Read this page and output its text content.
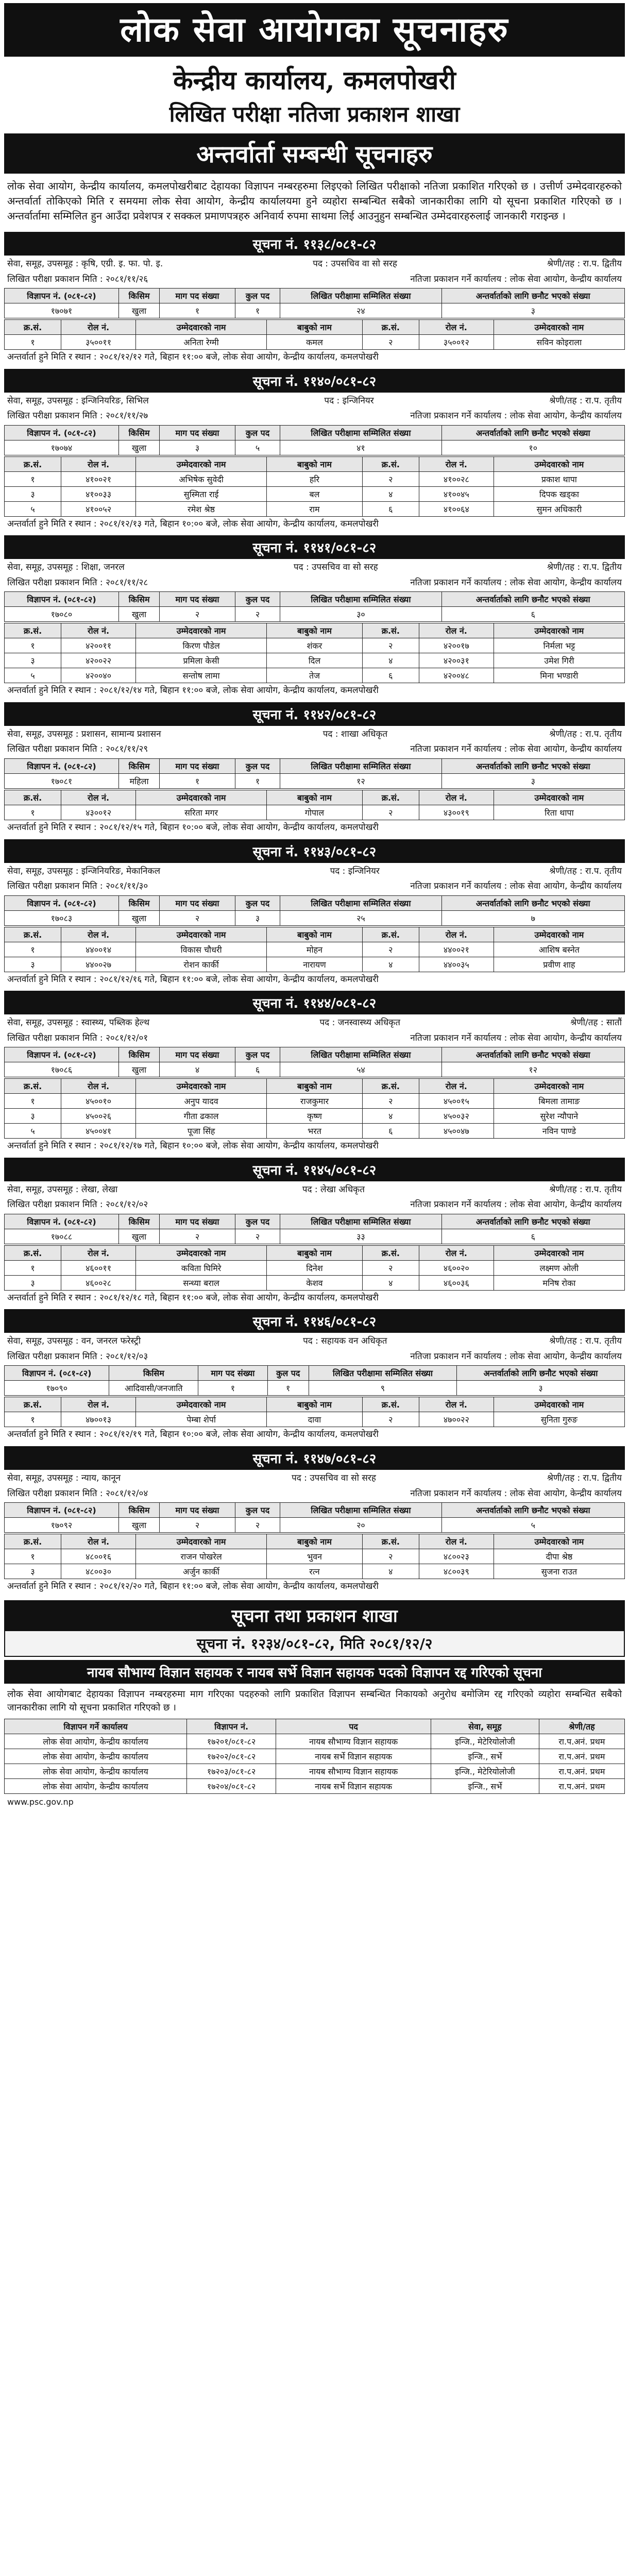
लोक सेवा आयोगका सूचनाहरु
केन्द्रीय कार्यालय, कमलपोखरी
लिखित परीक्षा नतिजा प्रकाशन शाखा
अन्तर्वार्ता सम्बन्धी सूचनाहरु
लोक सेवा आयोग, केन्द्रीय कार्यालय, कमलपोखरीबाट देहायका विज्ञापन नम्बरहरुमा लिइएको लिखित परीक्षाको नतिजा प्रकाशित गरिएको छ । उत्तीर्ण उम्मेदवारहरुको अन्तर्वार्ता तोकिएको मिति र समयमा लोक सेवा आयोग, केन्द्रीय कार्यालयमा हुने व्यहोरा सम्बन्धित सबैको जानकारीका लागि यो सूचना प्रकाशित गरिएको छ । अन्तर्वार्तामा सम्मिलित हुन आउँदा प्रवेशपत्र र सक्कल प्रमाणपत्रहरु अनिवार्य रुपमा साथमा लिई आउनुहुन सम्बन्धित उम्मेदवारहरुलाई जानकारी गराइन्छ ।
सूचना नं. ११३८/०८१-८२
सेवा, समूह, उपसमूह : कृषि, एग्री. इ. फा. पो. इ.	पद : उपसचिव वा सो सरह	श्रेणी/तह : रा.प. द्वितीय
लिखित परीक्षा प्रकाशन मिति : २०८१/११/२६	नतिजा प्रकाशन गर्ने कार्यालय : लोक सेवा आयोग, केन्द्रीय कार्यालय
विज्ञापन नं. (०८१-८२)	किसिम	माग पद संख्या	कुल पद	लिखित परीक्षामा सम्मिलित संख्या	अन्तर्वार्ताको लागि छनौट भएको संख्या
१७०७१	खुला	१	१	२४	३
क्र.सं.	रोल नं.	उम्मेदवारको नाम	बाबुको नाम	क्र.सं.	रोल नं.	उम्मेदवारको नाम
१	३५००११	अनिता रेग्मी	कमल	२	३५००१२	सविन कोइराला
अन्तर्वार्ता हुने मिति र स्थान : २०८१/१२/१२ गते, बिहान ११:०० बजे, लोक सेवा आयोग, केन्द्रीय कार्यालय, कमलपोखरी
सूचना नं. ११४०/०८१-८२
सेवा, समूह, उपसमूह : इन्जिनियरिङ, सिभिल	पद : इन्जिनियर	श्रेणी/तह : रा.प. तृतीय
लिखित परीक्षा प्रकाशन मिति : २०८१/११/२७	नतिजा प्रकाशन गर्ने कार्यालय : लोक सेवा आयोग, केन्द्रीय कार्यालय
विज्ञापन नं. (०८१-८२)	किसिम	माग पद संख्या	कुल पद	लिखित परीक्षामा सम्मिलित संख्या	अन्तर्वार्ताको लागि छनौट भएको संख्या
१७०७४	खुला	३	५	४१	१०
क्र.सं.	रोल नं.	उम्मेदवारको नाम	बाबुको नाम	क्र.सं.	रोल नं.	उम्मेदवारको नाम
१	४१००२१	अभिषेक सुवेदी	हरि	२	४१००२८	प्रकाश थापा
३	४१००३३	सुस्मिता राई	बल	४	४१००४५	दिपक खड्का
५	४१००५२	रमेश श्रेष्ठ	राम	६	४१००६४	सुमन अधिकारी
अन्तर्वार्ता हुने मिति र स्थान : २०८१/१२/१३ गते, बिहान १०:०० बजे, लोक सेवा आयोग, केन्द्रीय कार्यालय, कमलपोखरी
सूचना नं. ११४१/०८१-८२
सेवा, समूह, उपसमूह : शिक्षा, जनरल	पद : उपसचिव वा सो सरह	श्रेणी/तह : रा.प. द्वितीय
लिखित परीक्षा प्रकाशन मिति : २०८१/११/२८	नतिजा प्रकाशन गर्ने कार्यालय : लोक सेवा आयोग, केन्द्रीय कार्यालय
विज्ञापन नं. (०८१-८२)	किसिम	माग पद संख्या	कुल पद	लिखित परीक्षामा सम्मिलित संख्या	अन्तर्वार्ताको लागि छनौट भएको संख्या
१७०८०	खुला	२	२	३०	६
क्र.सं.	रोल नं.	उम्मेदवारको नाम	बाबुको नाम	क्र.सं.	रोल नं.	उम्मेदवारको नाम
१	४२००११	किरण पौडेल	शंकर	२	४२००१७	निर्मला भट्ट
३	४२००२२	प्रमिला केसी	दिल	४	४२००३१	उमेश गिरी
५	४२००४०	सन्तोष लामा	तेज	६	४२००४८	मिना भण्डारी
अन्तर्वार्ता हुने मिति र स्थान : २०८१/१२/१४ गते, बिहान ११:०० बजे, लोक सेवा आयोग, केन्द्रीय कार्यालय, कमलपोखरी
सूचना नं. ११४२/०८१-८२
सेवा, समूह, उपसमूह : प्रशासन, सामान्य प्रशासन	पद : शाखा अधिकृत	श्रेणी/तह : रा.प. तृतीय
लिखित परीक्षा प्रकाशन मिति : २०८१/११/२९	नतिजा प्रकाशन गर्ने कार्यालय : लोक सेवा आयोग, केन्द्रीय कार्यालय
विज्ञापन नं. (०८१-८२)	किसिम	माग पद संख्या	कुल पद	लिखित परीक्षामा सम्मिलित संख्या	अन्तर्वार्ताको लागि छनौट भएको संख्या
१७०८१	महिला	१	१	१२	३
क्र.सं.	रोल नं.	उम्मेदवारको नाम	बाबुको नाम	क्र.सं.	रोल नं.	उम्मेदवारको नाम
१	४३००१२	सरिता मगर	गोपाल	२	४३००१९	रिता थापा
अन्तर्वार्ता हुने मिति र स्थान : २०८१/१२/१५ गते, बिहान १०:०० बजे, लोक सेवा आयोग, केन्द्रीय कार्यालय, कमलपोखरी
सूचना नं. ११४३/०८१-८२
सेवा, समूह, उपसमूह : इन्जिनियरिङ, मेकानिकल	पद : इन्जिनियर	श्रेणी/तह : रा.प. तृतीय
लिखित परीक्षा प्रकाशन मिति : २०८१/११/३०	नतिजा प्रकाशन गर्ने कार्यालय : लोक सेवा आयोग, केन्द्रीय कार्यालय
विज्ञापन नं. (०८१-८२)	किसिम	माग पद संख्या	कुल पद	लिखित परीक्षामा सम्मिलित संख्या	अन्तर्वार्ताको लागि छनौट भएको संख्या
१७०८३	खुला	२	३	२५	७
क्र.सं.	रोल नं.	उम्मेदवारको नाम	बाबुको नाम	क्र.सं.	रोल नं.	उम्मेदवारको नाम
१	४४००१४	विकास चौधरी	मोहन	२	४४००२१	आशिष बस्नेत
३	४४००२७	रोशन कार्की	नारायण	४	४४००३५	प्रवीण शाह
अन्तर्वार्ता हुने मिति र स्थान : २०८१/१२/१६ गते, बिहान ११:०० बजे, लोक सेवा आयोग, केन्द्रीय कार्यालय, कमलपोखरी
सूचना नं. ११४४/०८१-८२
सेवा, समूह, उपसमूह : स्वास्थ्य, पब्लिक हेल्थ	पद : जनस्वास्थ्य अधिकृत	श्रेणी/तह : सातौं
लिखित परीक्षा प्रकाशन मिति : २०८१/१२/०१	नतिजा प्रकाशन गर्ने कार्यालय : लोक सेवा आयोग, केन्द्रीय कार्यालय
विज्ञापन नं. (०८१-८२)	किसिम	माग पद संख्या	कुल पद	लिखित परीक्षामा सम्मिलित संख्या	अन्तर्वार्ताको लागि छनौट भएको संख्या
१७०८६	खुला	४	६	५४	१२
क्र.सं.	रोल नं.	उम्मेदवारको नाम	बाबुको नाम	क्र.सं.	रोल नं.	उम्मेदवारको नाम
१	४५००१०	अनुप यादव	राजकुमार	२	४५००१५	बिमला तामाङ
३	४५००२६	गीता ढकाल	कृष्ण	४	४५००३२	सुरेश न्यौपाने
५	४५००४१	पूजा सिंह	भरत	६	४५००४७	नविन पाण्डे
अन्तर्वार्ता हुने मिति र स्थान : २०८१/१२/१७ गते, बिहान १०:०० बजे, लोक सेवा आयोग, केन्द्रीय कार्यालय, कमलपोखरी
सूचना नं. ११४५/०८१-८२
सेवा, समूह, उपसमूह : लेखा, लेखा	पद : लेखा अधिकृत	श्रेणी/तह : रा.प. तृतीय
लिखित परीक्षा प्रकाशन मिति : २०८१/१२/०२	नतिजा प्रकाशन गर्ने कार्यालय : लोक सेवा आयोग, केन्द्रीय कार्यालय
विज्ञापन नं. (०८१-८२)	किसिम	माग पद संख्या	कुल पद	लिखित परीक्षामा सम्मिलित संख्या	अन्तर्वार्ताको लागि छनौट भएको संख्या
१७०८८	खुला	२	२	३३	६
क्र.सं.	रोल नं.	उम्मेदवारको नाम	बाबुको नाम	क्र.सं.	रोल नं.	उम्मेदवारको नाम
१	४६००११	कविता घिमिरे	दिनेश	२	४६००२०	लक्ष्मण ओली
३	४६००२८	सन्ध्या बराल	केशव	४	४६००३६	मनिष रोका
अन्तर्वार्ता हुने मिति र स्थान : २०८१/१२/१८ गते, बिहान ११:०० बजे, लोक सेवा आयोग, केन्द्रीय कार्यालय, कमलपोखरी
सूचना नं. ११४६/०८१-८२
सेवा, समूह, उपसमूह : वन, जनरल फरेस्ट्री	पद : सहायक वन अधिकृत	श्रेणी/तह : रा.प. तृतीय
लिखित परीक्षा प्रकाशन मिति : २०८१/१२/०३	नतिजा प्रकाशन गर्ने कार्यालय : लोक सेवा आयोग, केन्द्रीय कार्यालय
विज्ञापन नं. (०८१-८२)	किसिम	माग पद संख्या	कुल पद	लिखित परीक्षामा सम्मिलित संख्या	अन्तर्वार्ताको लागि छनौट भएको संख्या
१७०९०	आदिवासी/जनजाति	१	१	९	३
क्र.सं.	रोल नं.	उम्मेदवारको नाम	बाबुको नाम	क्र.सं.	रोल नं.	उम्मेदवारको नाम
१	४७००१३	पेम्बा शेर्पा	दावा	२	४७००२२	सुनिता गुरुङ
अन्तर्वार्ता हुने मिति र स्थान : २०८१/१२/१९ गते, बिहान १०:०० बजे, लोक सेवा आयोग, केन्द्रीय कार्यालय, कमलपोखरी
सूचना नं. ११४७/०८१-८२
सेवा, समूह, उपसमूह : न्याय, कानून	पद : उपसचिव वा सो सरह	श्रेणी/तह : रा.प. द्वितीय
लिखित परीक्षा प्रकाशन मिति : २०८१/१२/०४	नतिजा प्रकाशन गर्ने कार्यालय : लोक सेवा आयोग, केन्द्रीय कार्यालय
विज्ञापन नं. (०८१-८२)	किसिम	माग पद संख्या	कुल पद	लिखित परीक्षामा सम्मिलित संख्या	अन्तर्वार्ताको लागि छनौट भएको संख्या
१७०९२	खुला	२	२	२०	५
क्र.सं.	रोल नं.	उम्मेदवारको नाम	बाबुको नाम	क्र.सं.	रोल नं.	उम्मेदवारको नाम
१	४८००१६	राजन पोखरेल	भुवन	२	४८००२३	दीपा श्रेष्ठ
३	४८००३०	अर्जुन कार्की	रत्न	४	४८००३९	सुजना राउत
अन्तर्वार्ता हुने मिति र स्थान : २०८१/१२/२० गते, बिहान ११:०० बजे, लोक सेवा आयोग, केन्द्रीय कार्यालय, कमलपोखरी
सूचना तथा प्रकाशन शाखा
सूचना नं. १२३४/०८१-८२, मिति २०८१/१२/२
नायब सौभाग्य विज्ञान सहायक र नायब सर्भे विज्ञान सहायक पदको विज्ञापन रद्द गरिएको सूचना
लोक सेवा आयोगबाट देहायका विज्ञापन नम्बरहरुमा माग गरिएका पदहरुको लागि प्रकाशित विज्ञापन सम्बन्धित निकायको अनुरोध बमोजिम रद्द गरिएको व्यहोरा सम्बन्धित सबैको जानकारीका लागि यो सूचना प्रकाशित गरिएको छ ।
विज्ञापन गर्ने कार्यालय	विज्ञापन नं.	पद	सेवा, समूह	श्रेणी/तह
लोक सेवा आयोग, केन्द्रीय कार्यालय	१७२०१/०८१-८२	नायब सौभाग्य विज्ञान सहायक	इन्जि., मेटेरियोलोजी	रा.प.अनं. प्रथम
लोक सेवा आयोग, केन्द्रीय कार्यालय	१७२०२/०८१-८२	नायब सर्भे विज्ञान सहायक	इन्जि., सर्भे	रा.प.अनं. प्रथम
लोक सेवा आयोग, केन्द्रीय कार्यालय	१७२०३/०८१-८२	नायब सौभाग्य विज्ञान सहायक	इन्जि., मेटेरियोलोजी	रा.प.अनं. प्रथम
लोक सेवा आयोग, केन्द्रीय कार्यालय	१७२०४/०८१-८२	नायब सर्भे विज्ञान सहायक	इन्जि., सर्भे	रा.प.अनं. प्रथम
www.psc.gov.np
